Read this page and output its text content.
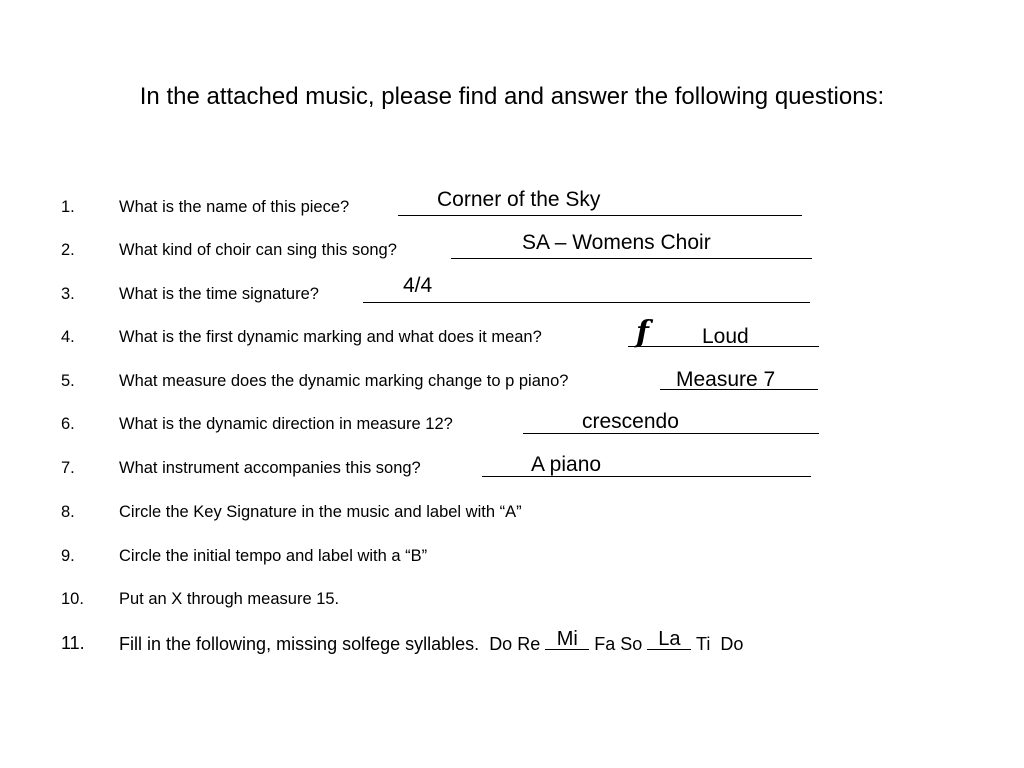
In the attached music, please find and answer the following questions:
1.	What is the name of this piece?	Corner of the Sky
2.	What kind of choir can sing this song?	SA – Womens Choir
3.	What is the time signature?	4/4
4.	What is the first dynamic marking and what does it mean?	f	Loud
5.	What measure does the dynamic marking change to p piano?	Measure 7
6.	What is the dynamic direction in measure 12?	crescendo
7.	What instrument accompanies this song?	A piano
8.	Circle the Key Signature in the music and label with “A”
9.	Circle the initial tempo and label with a “B”
10. Put an X through measure 15.
11. Fill in the following, missing solfege syllables. Do Re Mi Fa So La Ti Do
